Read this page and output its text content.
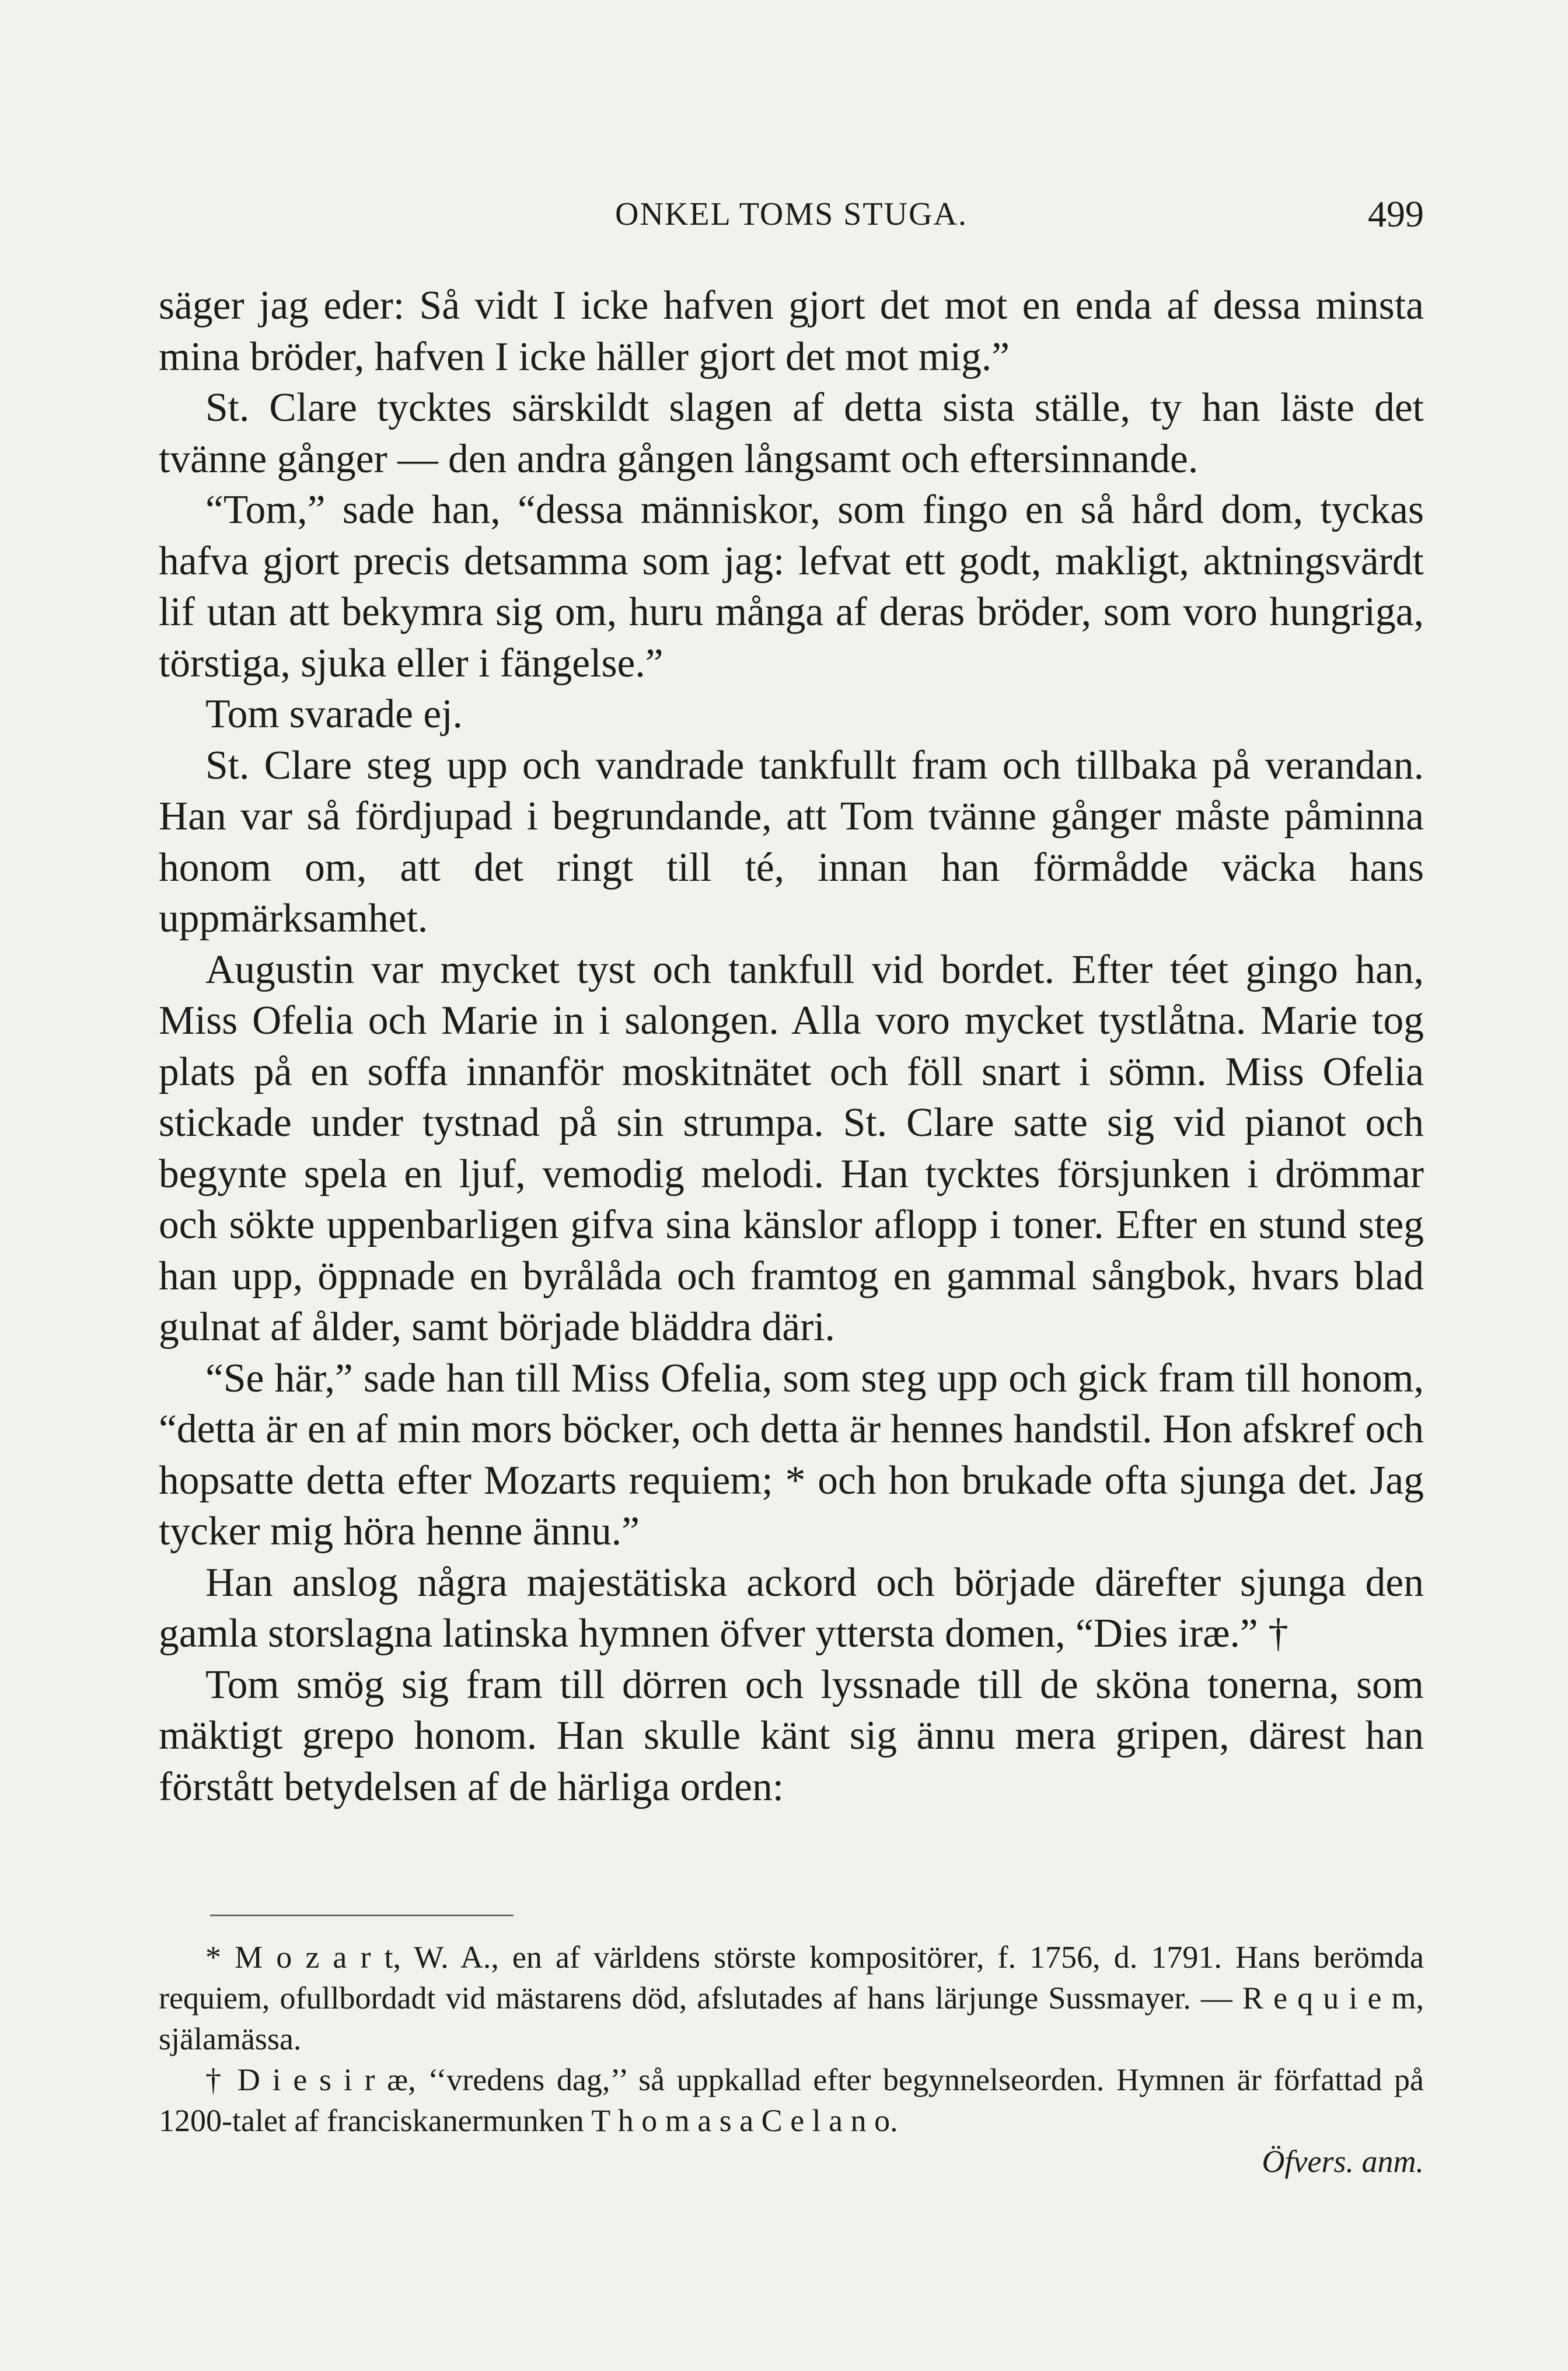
ONKEL TOMS STUGA.	499

säger jag eder: Så vidt I icke hafven gjort det mot en enda af dessa minsta mina bröder, hafven I icke häller gjort det mot mig.”

St. Clare tycktes särskildt slagen af detta sista ställe, ty han läste det tvänne gånger — den andra gången långsamt och eftersinnande.

“Tom,” sade han, “dessa människor, som fingo en så hård dom, tyckas hafva gjort precis detsamma som jag: lefvat ett godt, makligt, aktningsvärdt lif utan att bekymra sig om, huru många af deras bröder, som voro hungriga, törstiga, sjuka eller i fängelse.”

Tom svarade ej.

St. Clare steg upp och vandrade tankfullt fram och tillbaka på verandan. Han var så fördjupad i begrundande, att Tom tvänne gånger måste påminna honom om, att det ringt till té, innan han förmådde väcka hans uppmärksamhet.

Augustin var mycket tyst och tankfull vid bordet. Efter téet gingo han, Miss Ofelia och Marie in i salongen. Alla voro mycket tystlåtna. Marie tog plats på en soffa innanför moskitnätet och föll snart i sömn. Miss Ofelia stickade under tystnad på sin strumpa. St. Clare satte sig vid pianot och begynte spela en ljuf, vemodig melodi. Han tycktes försjunken i drömmar och sökte uppenbarligen gifva sina känslor aflopp i toner. Efter en stund steg han upp, öppnade en byrålåda och framtog en gammal sångbok, hvars blad gulnat af ålder, samt började bläddra däri.

“Se här,” sade han till Miss Ofelia, som steg upp och gick fram till honom, “detta är en af min mors böcker, och detta är hennes handstil. Hon afskref och hopsatte detta efter Mozarts requiem; * och hon brukade ofta sjunga det. Jag tycker mig höra henne ännu.”

Han anslog några majestätiska ackord och började därefter sjunga den gamla storslagna latinska hymnen öfver yttersta domen, “Dies iræ.” †

Tom smög sig fram till dörren och lyssnade till de sköna tonerna, som mäktigt grepo honom. Han skulle känt sig ännu mera gripen, därest han förstått betydelsen af de härliga orden:

* M o z a r t, W. A., en af världens störste kompositörer, f. 1756, d. 1791. Hans berömda requiem, ofullbordadt vid mästarens död, afslutades af hans lärjunge Sussmayer. — R e q u i e m, själamässa.

† D i e s i r æ, ‘‘vredens dag,’’ så uppkallad efter begynnelseorden. Hymnen är författad på 1200-talet af franciskanermunken T h o m a s a C e l a n o.

Öfvers. anm.
